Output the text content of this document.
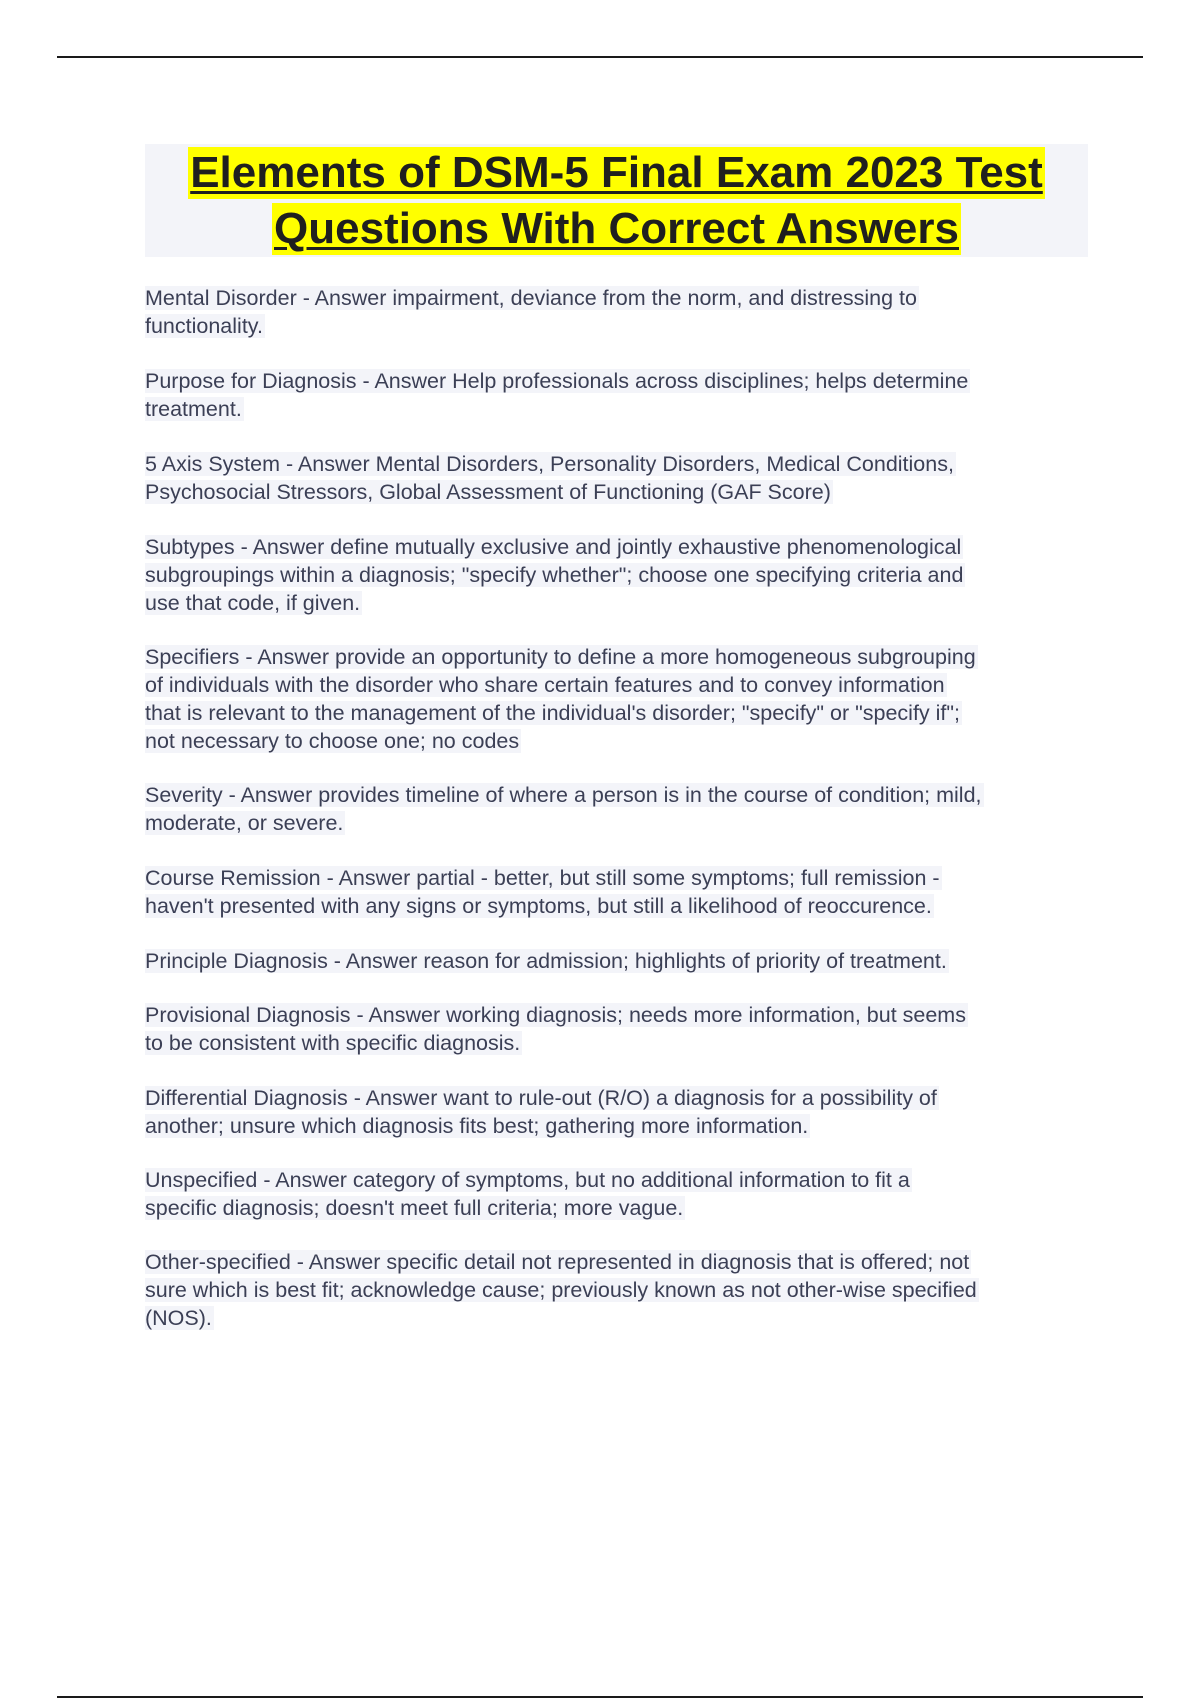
Elements of DSM-5 Final Exam 2023 Test
Questions With Correct Answers
Mental Disorder - Answer impairment, deviance from the norm, and distressing to
functionality.
Purpose for Diagnosis - Answer Help professionals across disciplines; helps determine
treatment.
5 Axis System - Answer Mental Disorders, Personality Disorders, Medical Conditions,
Psychosocial Stressors, Global Assessment of Functioning (GAF Score)
Subtypes - Answer define mutually exclusive and jointly exhaustive phenomenological
subgroupings within a diagnosis; "specify whether"; choose one specifying criteria and
use that code, if given.
Specifiers - Answer provide an opportunity to define a more homogeneous subgrouping
of individuals with the disorder who share certain features and to convey information
that is relevant to the management of the individual's disorder; "specify" or "specify if";
not necessary to choose one; no codes
Severity - Answer provides timeline of where a person is in the course of condition; mild,
moderate, or severe.
Course Remission - Answer partial - better, but still some symptoms; full remission -
haven't presented with any signs or symptoms, but still a likelihood of reoccurence.
Principle Diagnosis - Answer reason for admission; highlights of priority of treatment.
Provisional Diagnosis - Answer working diagnosis; needs more information, but seems
to be consistent with specific diagnosis.
Differential Diagnosis - Answer want to rule-out (R/O) a diagnosis for a possibility of
another; unsure which diagnosis fits best; gathering more information.
Unspecified - Answer category of symptoms, but no additional information to fit a
specific diagnosis; doesn't meet full criteria; more vague.
Other-specified - Answer specific detail not represented in diagnosis that is offered; not
sure which is best fit; acknowledge cause; previously known as not other-wise specified
(NOS).
